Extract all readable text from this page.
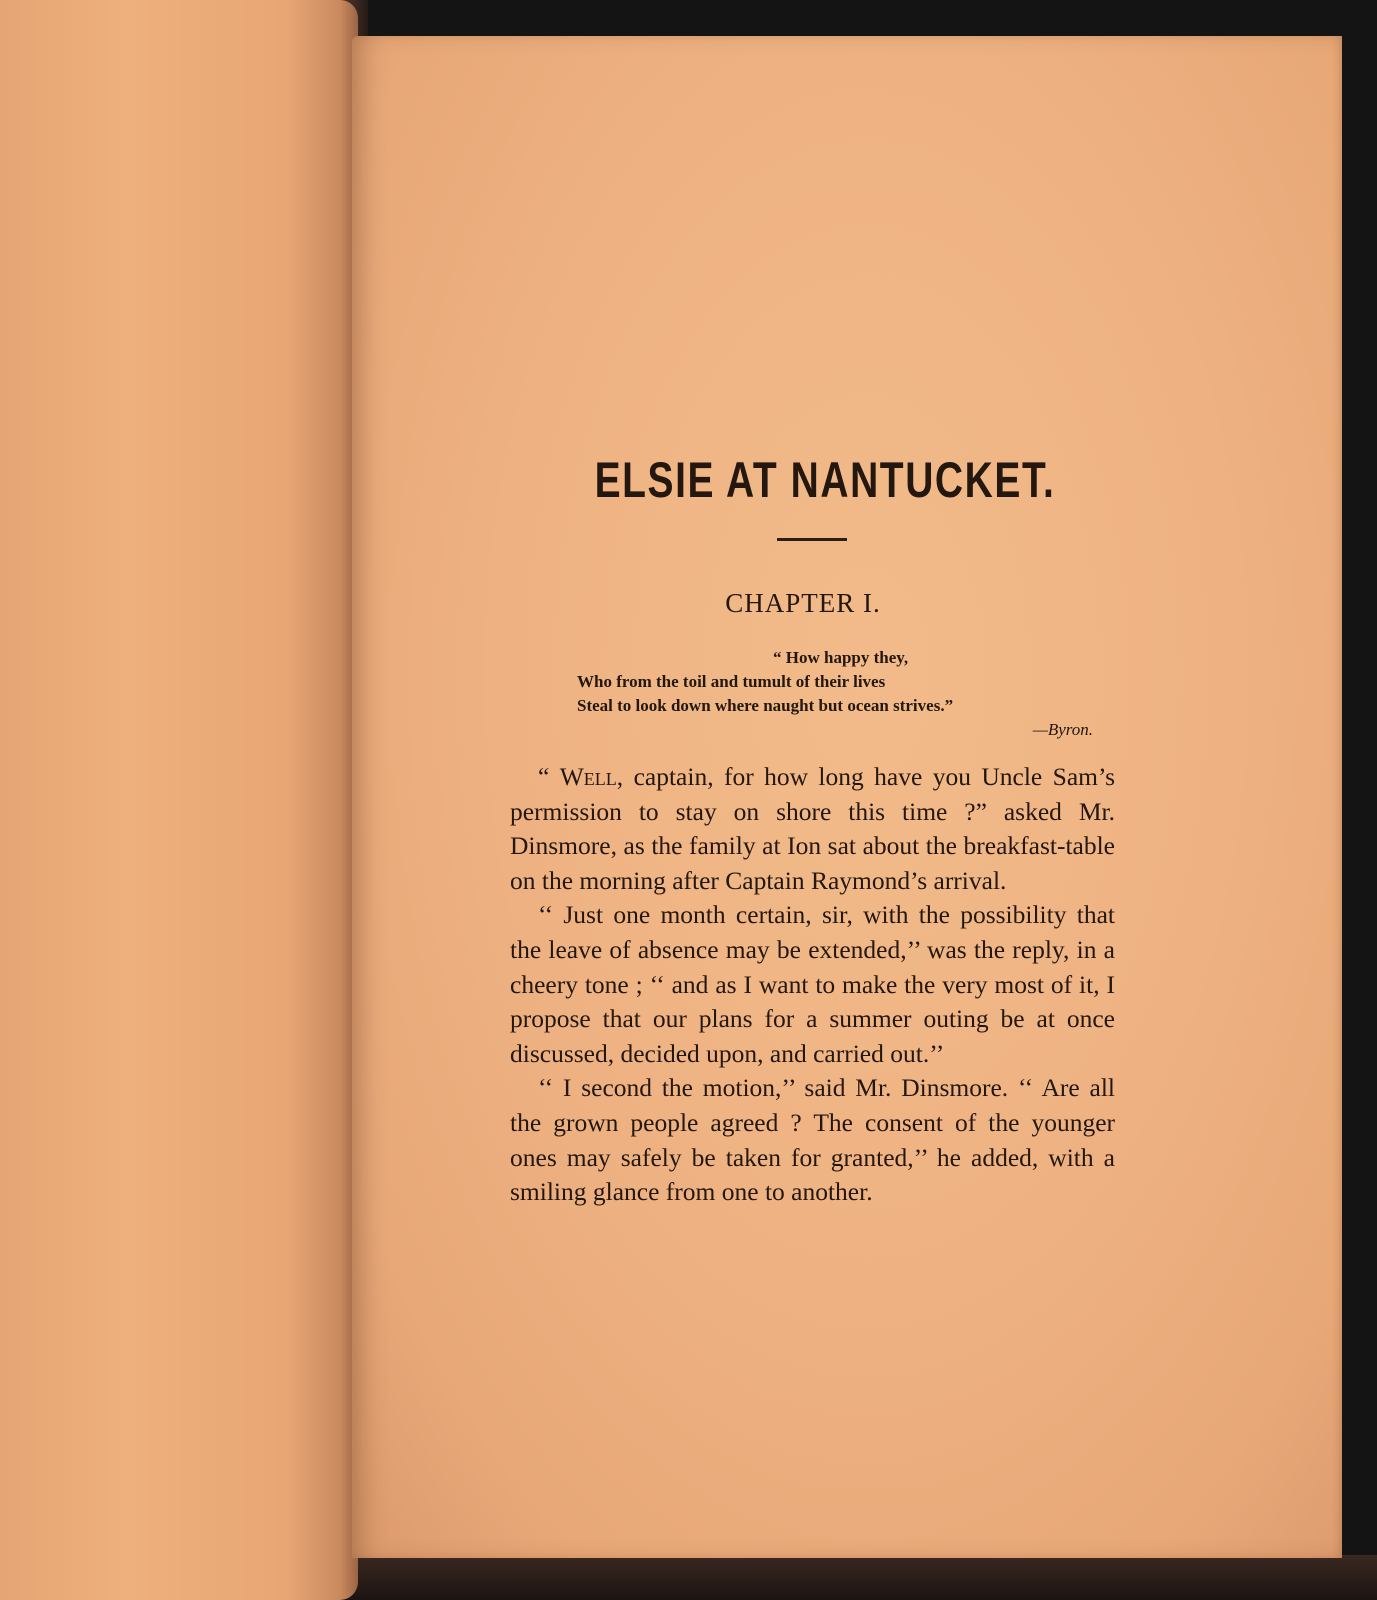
ELSIE AT NANTUCKET.
CHAPTER I.
“ How happy they,
Who from the toil and tumult of their lives
Steal to look down where naught but ocean strives.”
—Byron.

“ Well, captain, for how long have you Uncle Sam’s permission to stay on shore this time ?” asked Mr. Dinsmore, as the family at Ion sat about the breakfast-table on the morning after Captain Raymond’s arrival.

‘‘ Just one month certain, sir, with the possibility that the leave of absence may be extended,’’ was the reply, in a cheery tone ; ‘‘ and as I want to make the very most of it, I propose that our plans for a summer outing be at once discussed, decided upon, and carried out.’’

‘‘ I second the motion,’’ said Mr. Dinsmore. ‘‘ Are all the grown people agreed ? The consent of the younger ones may safely be taken for granted,’’ he added, with a smiling glance from one to another.
